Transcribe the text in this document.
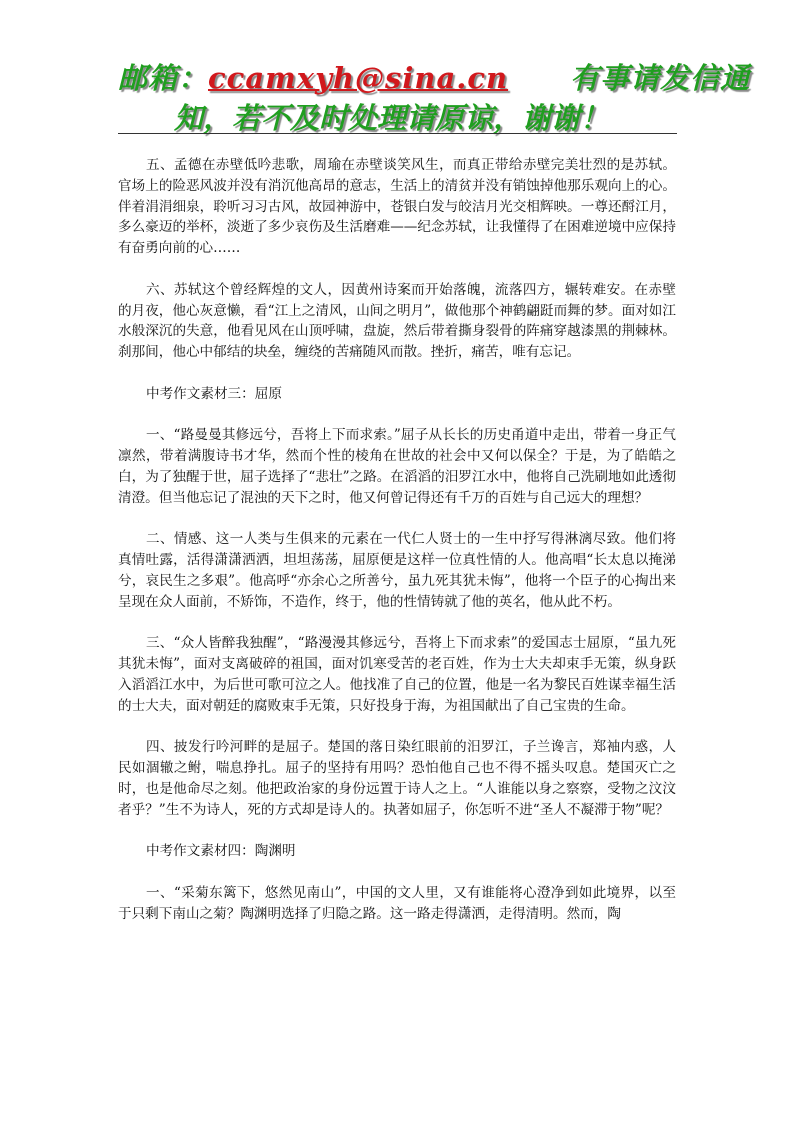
邮箱：ccamxyh@sina.cn 有事请发信通
知，若不及时处理请原谅，谢谢！

五、孟德在赤壁低吟悲歌，周瑜在赤壁谈笑风生，而真正带给赤壁完美壮烈的是苏轼。官场上的险恶风波并没有消沉他高昂的意志，生活上的清贫并没有销蚀掉他那乐观向上的心。伴着涓涓细泉，聆听习习古风，故园神游中，苍银白发与皎洁月光交相辉映。一尊还酹江月，多么豪迈的举杯，淡逝了多少哀伤及生活磨难——纪念苏轼，让我懂得了在困难逆境中应保持有奋勇向前的心……

六、苏轼这个曾经辉煌的文人，因黄州诗案而开始落魄，流落四方，辗转难安。在赤壁的月夜，他心灰意懒，看“江上之清风，山间之明月”，做他那个神鹤翩跹而舞的梦。面对如江水般深沉的失意，他看见风在山顶呼啸，盘旋，然后带着撕身裂骨的阵痛穿越漆黑的荆棘林。刹那间，他心中郁结的块垒，缠绕的苦痛随风而散。挫折，痛苦，唯有忘记。

中考作文素材三：屈原

一、“路曼曼其修远兮，吾将上下而求索。”屈子从长长的历史甬道中走出，带着一身正气凛然，带着满腹诗书才华，然而个性的棱角在世故的社会中又何以保全？于是，为了皓皓之白，为了独醒于世，屈子选择了“悲壮”之路。在滔滔的汨罗江水中，他将自己洗刷地如此透彻清澄。但当他忘记了混浊的天下之时，他又何曾记得还有千万的百姓与自己远大的理想？

二、情感、这一人类与生俱来的元素在一代仁人贤士的一生中抒写得淋漓尽致。他们将真情吐露，活得潇潇洒洒，坦坦荡荡，屈原便是这样一位真性情的人。他高唱“长太息以掩涕兮，哀民生之多艰”。他高呼“亦余心之所善兮，虽九死其犹未悔”，他将一个臣子的心掏出来呈现在众人面前，不矫饰，不造作，终于，他的性情铸就了他的英名，他从此不朽。

三、“众人皆醉我独醒”，“路漫漫其修远兮，吾将上下而求索”的爱国志士屈原，“虽九死其犹未悔”，面对支离破碎的祖国，面对饥寒受苦的老百姓，作为士大夫却束手无策，纵身跃入滔滔江水中，为后世可歌可泣之人。他找准了自己的位置，他是一名为黎民百姓谋幸福生活的士大夫，面对朝廷的腐败束手无策，只好投身于海，为祖国献出了自己宝贵的生命。

四、披发行吟河畔的是屈子。楚国的落日染红眼前的汨罗江，子兰谗言，郑袖内惑，人民如涸辙之鲋，喘息挣扎。屈子的坚持有用吗？恐怕他自己也不得不摇头叹息。楚国灭亡之时，也是他命尽之刻。他把政治家的身份远置于诗人之上。“人谁能以身之察察，受物之汶汶者乎？”生不为诗人，死的方式却是诗人的。执著如屈子，你怎听不进“圣人不凝滞于物”呢？

中考作文素材四：陶渊明

一、“采菊东篱下，悠然见南山”，中国的文人里，又有谁能将心澄净到如此境界，以至于只剩下南山之菊？陶渊明选择了归隐之路。这一路走得潇洒，走得清明。然而，陶
